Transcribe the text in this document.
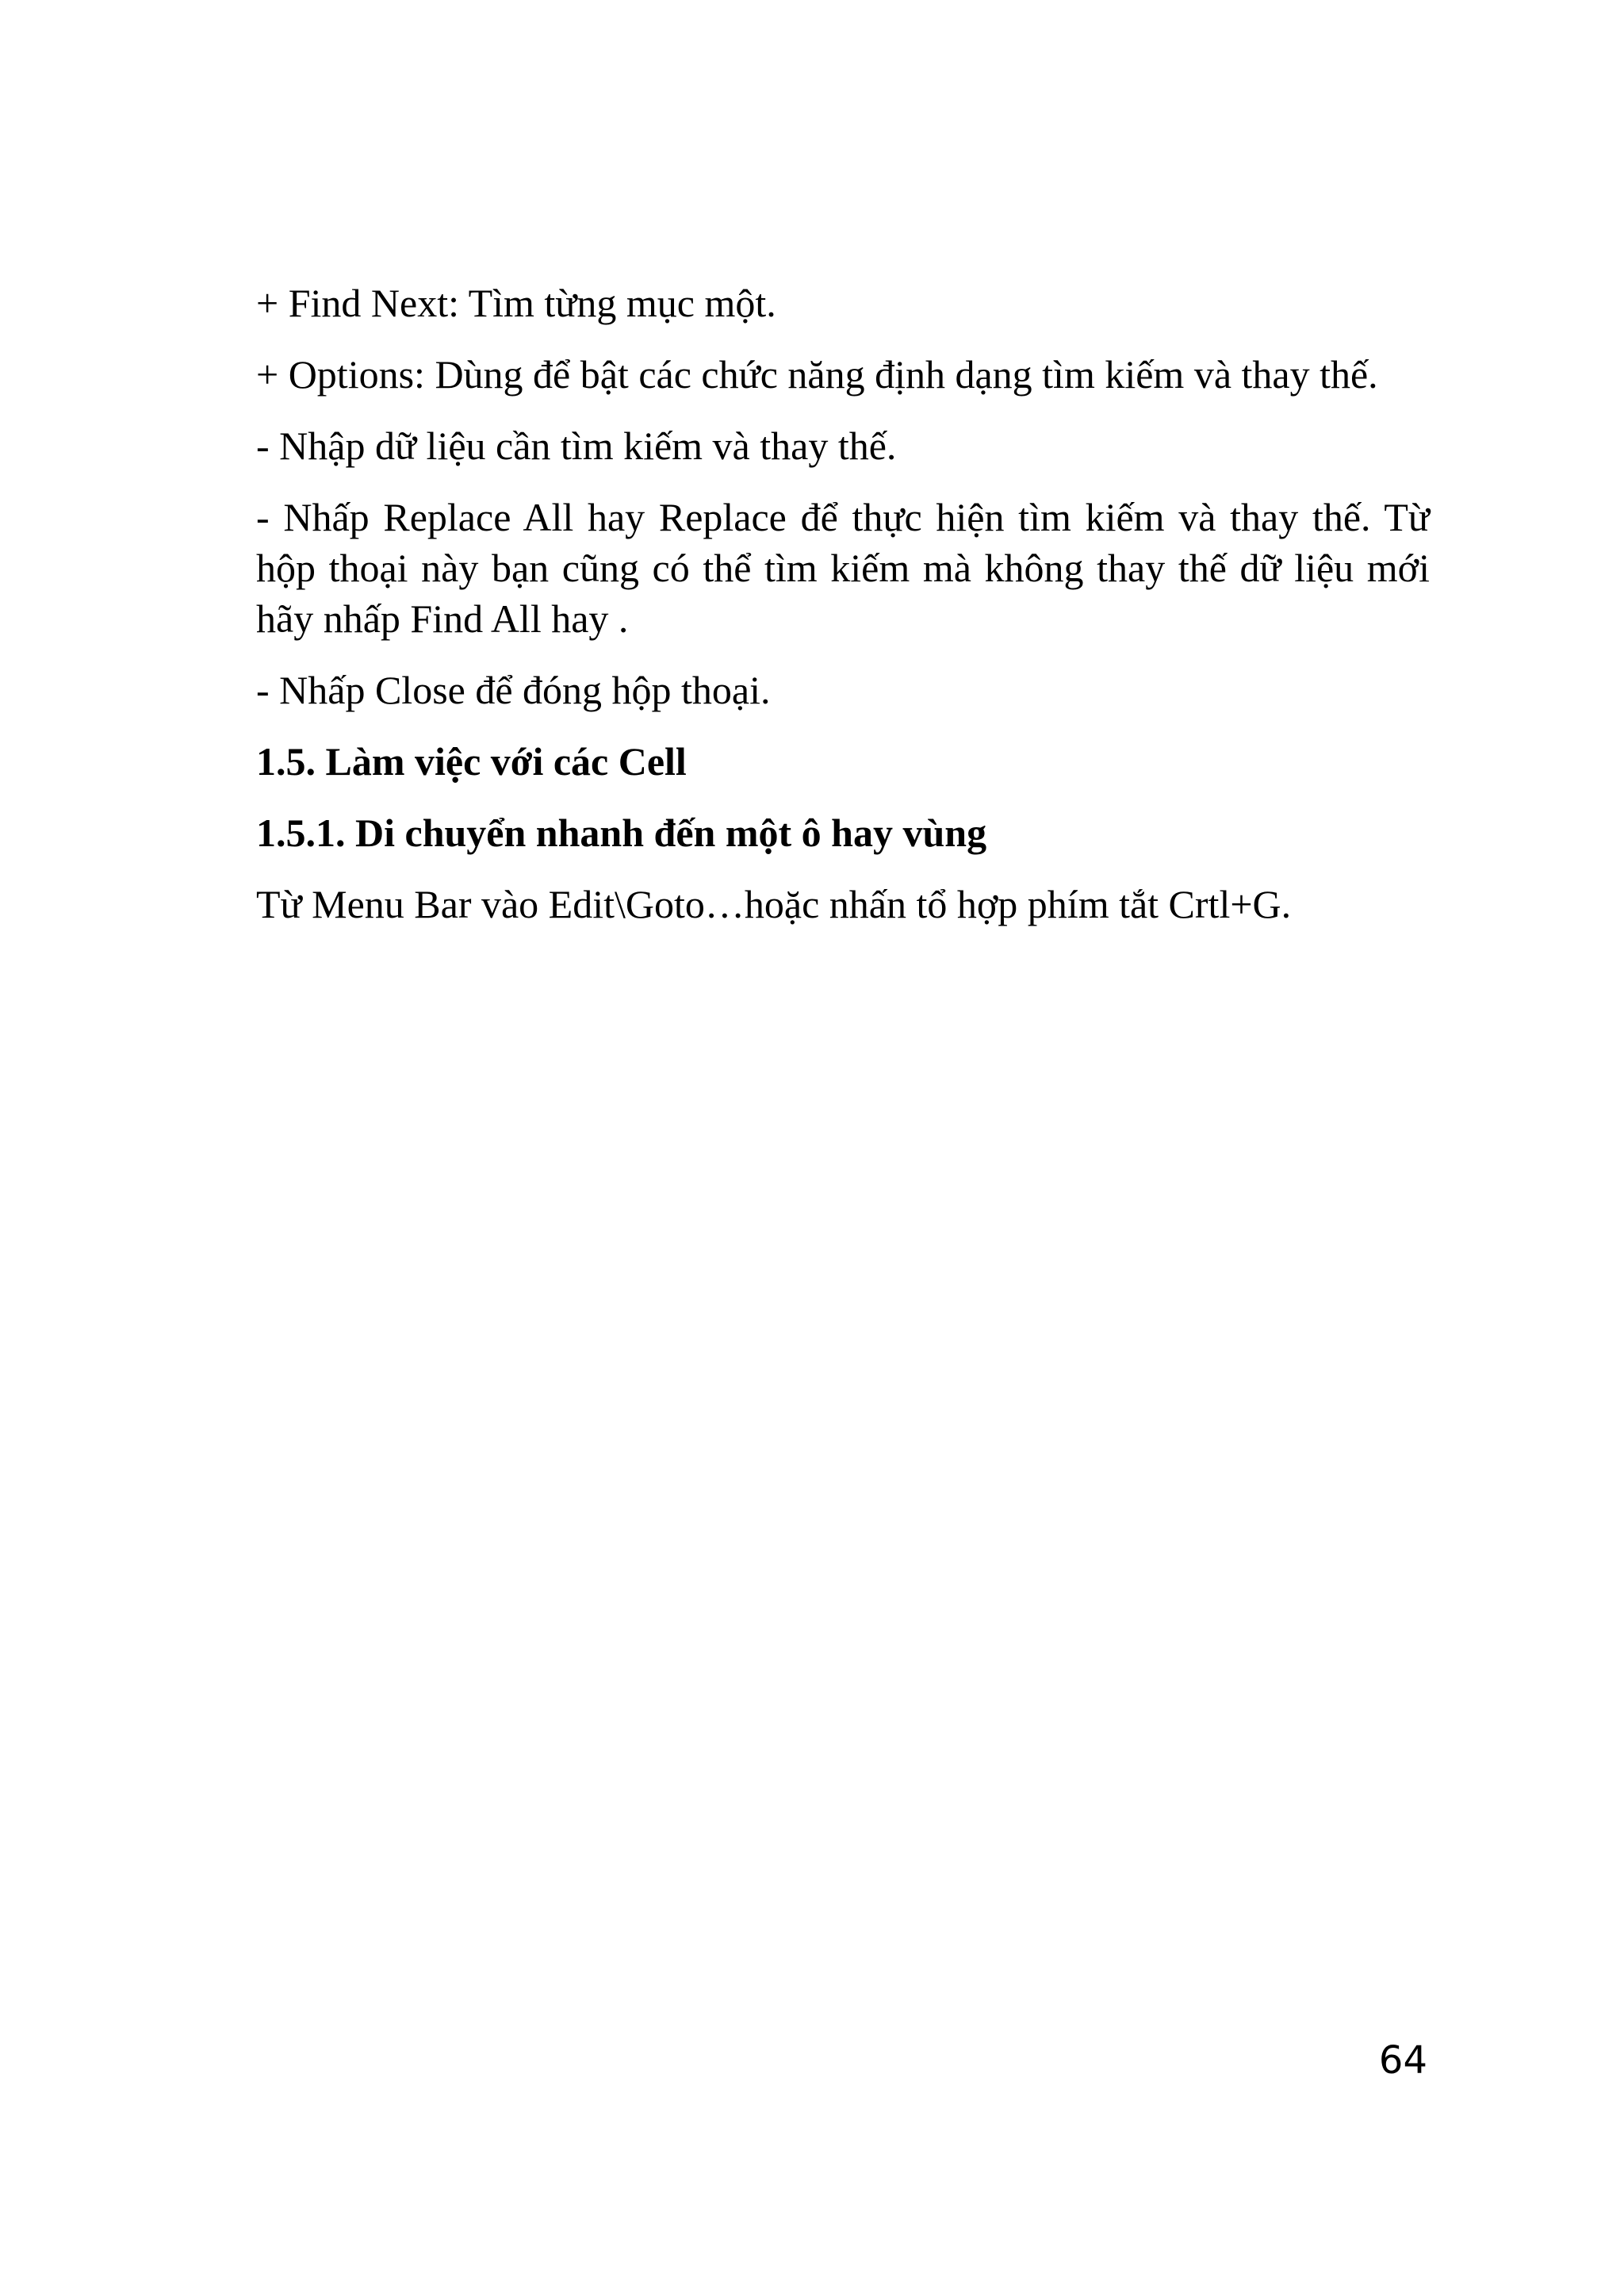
+ Find Next: Tìm từng mục một.

+ Options: Dùng để bật các chức năng định dạng tìm kiếm và thay thế.

- Nhập dữ liệu cần tìm kiếm và thay thế.

- Nhấp Replace All hay Replace để thực hiện tìm kiếm và thay thế. Từ hộp thoại này bạn cũng có thể tìm kiếm mà không thay thế dữ liệu mới hãy nhấp Find All hay .

- Nhấp Close để đóng hộp thoại.

1.5. Làm việc với các Cell
1.5.1. Di chuyển nhanh đến một ô hay vùng

Từ Menu Bar vào Edit\Goto…hoặc nhấn tổ hợp phím tắt Crtl+G.

64
